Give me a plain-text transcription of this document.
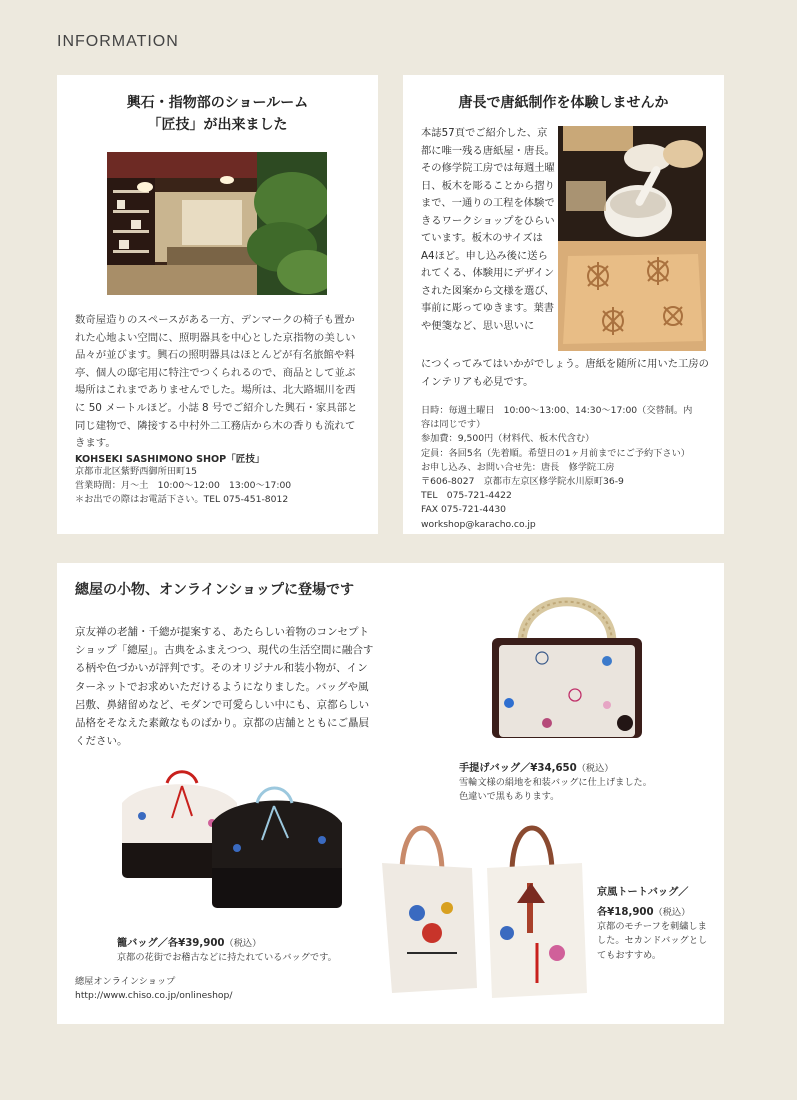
INFORMATION
興石・指物部のショールーム
「匠技」が出来ました
数奇屋造りのスペースがある一方、デンマークの椅子も置かれた心地よい空間に、照明器具を中心とした京指物の美しい品々が並びます。興石の照明器具はほとんどが有名旅館や料亭、個人の邸宅用に特注でつくられるので、商品として並ぶ場所はこれまでありませんでした。場所は、北大路堀川を西に 50 メートルほど。小誌 8 号でご紹介した興石・家具部と同じ建物で、隣接する中村外二工務店から木の香りも流れてきます。
KOHSEKI SASHIMONO SHOP「匠技」
京都市北区紫野西御所田町15
営業時間：月〜土　10:00〜12:00　13:00〜17:00
＊お出での際はお電話下さい。TEL 075-451-8012
唐長で唐紙制作を体験しませんか
本誌57頁でご紹介した、京都に唯一残る唐紙屋・唐長。その修学院工房では毎週土曜日、板木を彫ることから摺りまで、一通りの工程を体験できるワークショップをひらいています。板木のサイズはA4ほど。申し込み後に送られてくる、体験用にデザインされた図案から文様を選び、事前に彫ってゆきます。葉書や便箋など、思い思いに
につくってみてはいかがでしょう。唐紙を随所に用いた工房のインテリアも必見です。
日時：毎週土曜日　10:00〜13:00、14:30〜17:00（交替制。内
容は同じです）
参加費：9,500円（材料代、板木代含む）
定員：各回5名（先着順。希望日の1ヶ月前までにご予約下さい）
お申し込み、お問い合せ先：唐長　修学院工房
〒606-8027　京都市左京区修学院水川原町36-9
TEL　075-721-4422
FAX 075-721-4430
workshop@karacho.co.jp
總屋の小物、オンラインショップに登場です
京友禅の老舗・千總が提案する、あたらしい着物のコンセプトショップ「總屋」。古典をふまえつつ、現代の生活空間に融合する柄や色づかいが評判です。そのオリジナル和装小物が、インターネットでお求めいただけるようになりました。バッグや風呂敷、鼻緒留めなど、モダンで可愛らしい中にも、京都らしい品格をそなえた素敵なものばかり。京都の店舗とともにご贔屓ください。
手提げバッグ／¥34,650（税込）
雪輪文様の絹地を和装バッグに仕上げました。
色違いで黒もあります。
籠バッグ／各¥39,900（税込）
京都の花街でお稽古などに持たれているバッグです。
京風トートバッグ／
各¥18,900（税込）
京都のモチーフを刺繍しました。セカンドバッグとしてもおすすめ。
總屋オンラインショップ
http://www.chiso.co.jp/onlineshop/
